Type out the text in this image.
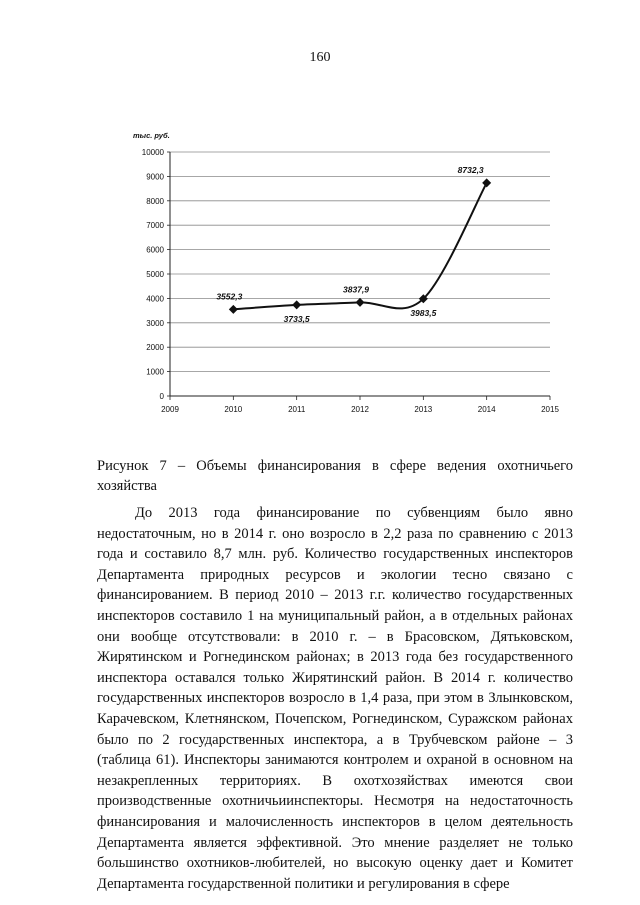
160
тыс. руб.
0
1000
2000
3000
4000
5000
6000
7000
8000
9000
10000
2009	2010	2011	2012	2013	2014	2015
3552,3
3733,5
3837,9
3983,5
8732,3
Рисунок 7 – Объемы финансирования в сфере ведения охотничьего хозяйства

До 2013 года финансирование по субвенциям было явно недостаточным, но в 2014 г. оно возросло в 2,2 раза по сравнению с 2013 года и составило 8,7 млн. руб. Количество государственных инспекторов Департамента природных ресурсов и экологии тесно связано с финансированием. В период 2010 – 2013 г.г. количество государственных инспекторов составило 1 на муниципальный район, а в отдельных районах они вообще отсутствовали: в 2010 г. – в Брасовском, Дятьковском, Жирятинском и Рогнединском районах; в 2013 года без государственного инспектора оставался только Жирятинский район. В 2014 г. количество государственных инспекторов возросло в 1,4 раза, при этом в Злынковском, Карачевском, Клетнянском, Почепском, Рогнединском, Суражском районах было по 2 государственных инспектора, а в Трубчевском районе – 3 (таблица 61). Инспекторы занимаются контролем и охраной в основном на незакрепленных территориях. В охотхозяйствах имеются свои производственные охотничьиинспекторы. Несмотря на недостаточность финансирования и малочисленность инспекторов в целом деятельность Департамента является эффективной. Это мнение разделяет не только большинство охотников-любителей, но высокую оценку дает и Комитет Департамента государственной политики и регулирования в сфере
